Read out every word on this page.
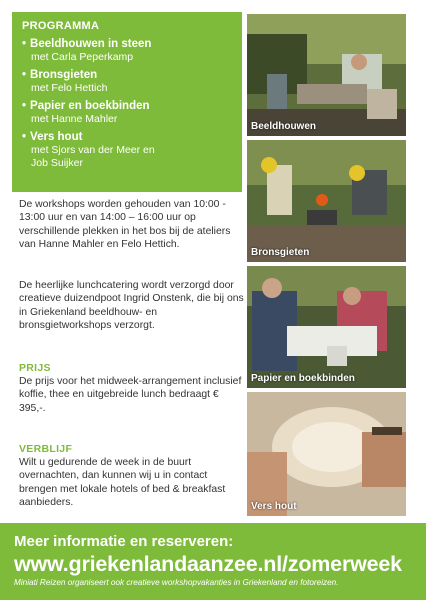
PROGRAMMA
• Beeldhouwen in steen
met Carla Peperkamp
• Bronsgieten
met Felo Hettich
• Papier en boekbinden
met Hanne Mahler
• Vers hout
met Sjors van der Meer en
Job Suijker
De workshops worden gehouden van 10:00 - 13:00 uur en van 14:00 – 16:00 uur op verschillende plekken in het bos bij de ateliers van Hanne Mahler en Felo Hettich.
De heerlijke lunchcatering wordt verzorgd door creatieve duizendpoot Ingrid Onstenk, die bij ons in Griekenland beeldhouw- en bronsgietworkshops verzorgt.
PRIJS
De prijs voor het midweek-arrangement inclusief koffie, thee en uitgebreide lunch bedraagt € 395,-.
VERBLIJF
Wilt u gedurende de week in de buurt overnachten, dan kunnen wij u in contact brengen met lokale hotels of bed & breakfast aanbieders.
Beeldhouwen
Bronsgieten
Papier en boekbinden
Vers hout
Meer informatie en reserveren:
www.griekenlandaanzee.nl/zomerweek
Miniati Reizen organiseert ook creatieve workshopvakanties in Griekenland en fotoreizen.
